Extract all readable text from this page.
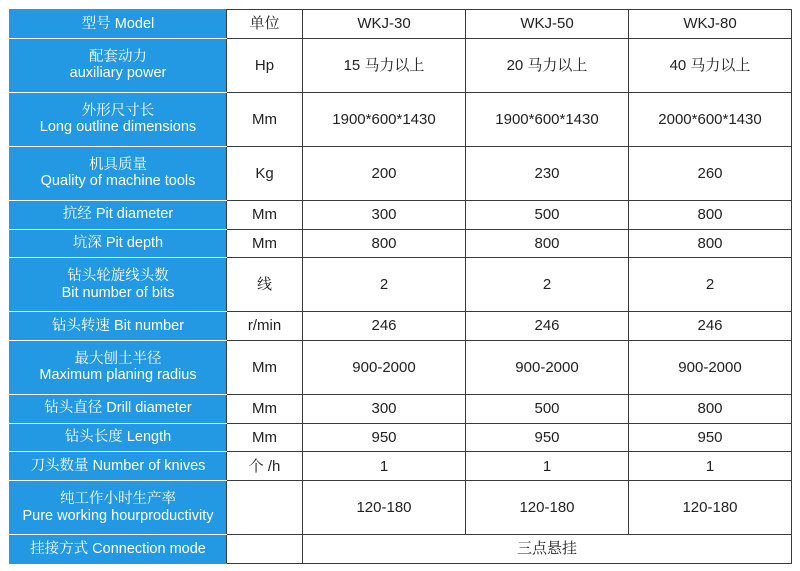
型号 Model	单位	WKJ-30	WKJ-50	WKJ-80

配套动力
auxiliary power	Hp	15 马力以上	20 马力以上	40 马力以上

外形尺寸长
Long outline dimensions	Mm	1900*600*1430	1900*600*1430	2000*600*1430

机具质量
Quality of machine tools	Kg	200	230	260
抗经 Pit diameter	Mm	300	500	800
坑深 Pit depth	Mm	800	800	800

钻头轮旋线头数
Bit number of bits	线	2	2	2
钻头转速 Bit number	r/min	246	246	246

最大刨土半径
Maximum planing radius	Mm	900-2000	900-2000	900-2000
钻头直径 Drill diameter	Mm	300	500	800
钻头长度 Length	Mm	950	950	950
刀头数量 Number of knives	个 /h	1	1	1

纯工作小时生产率
Pure working hourproductivity		120-180	120-180	120-180
挂接方式 Connection mode		三点悬挂		
